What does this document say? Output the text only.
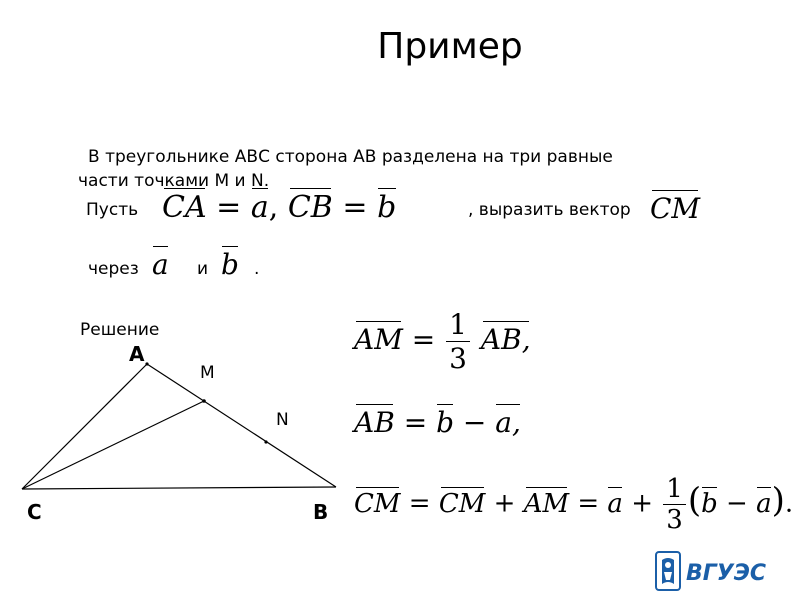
Пример
В треугольнике АВС сторона АВ разделена на три равные
части точками M и N.
Пусть CA = a, CB = b	, выразить вектор CM
через a и b .
Решение
A
M
N
C	B
AM = $\frac{1}{3}$ AB,
AB = b − a,
CM = CM + AM = $a + \frac{1}{3} (b - a)$.
ВГУЭС
